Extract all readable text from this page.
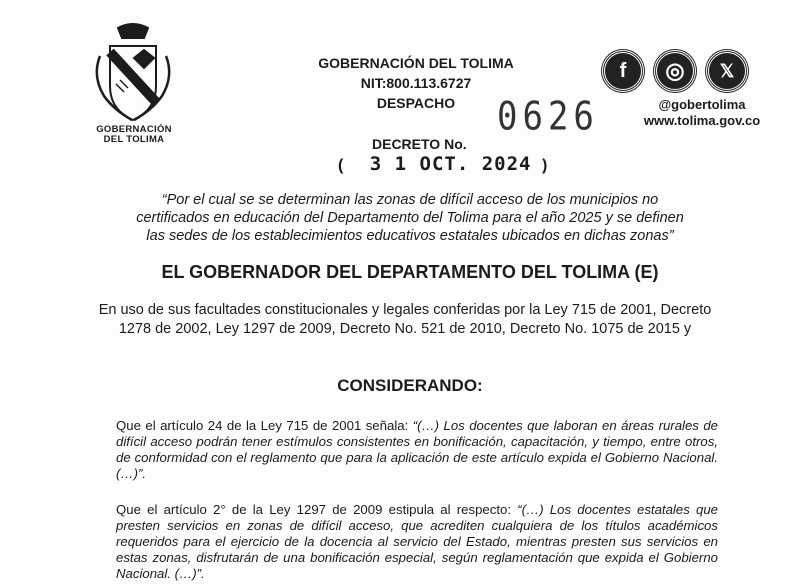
GOBERNACIÓN
DEL TOLIMA
GOBERNACIÓN DEL TOLIMA
NIT:800.113.6727
DESPACHO
DECRETO No.
0626
( 3 1 OCT. 2024 )
f	◎	𝕏
@gobertolima
www.tolima.gov.co
“Por el cual se se determinan las zonas de difícil acceso de los municipios no certificados en educación del Departamento del Tolima para el año 2025 y se definen las sedes de los establecimientos educativos estatales ubicados en dichas zonas”
EL GOBERNADOR DEL DEPARTAMENTO DEL TOLIMA (E)
En uso de sus facultades constitucionales y legales conferidas por la Ley 715 de 2001, Decreto 1278 de 2002, Ley 1297 de 2009, Decreto No. 521 de 2010, Decreto No. 1075 de 2015 y
CONSIDERANDO:
Que el artículo 24 de la Ley 715 de 2001 señala: “(…) Los docentes que laboran en áreas rurales de difícil acceso podrán tener estímulos consistentes en bonificación, capacitación, y tiempo, entre otros, de conformidad con el reglamento que para la aplicación de este artículo expida el Gobierno Nacional. (…)”.
Que el artículo 2° de la Ley 1297 de 2009 estipula al respecto: “(…) Los docentes estatales que presten servicios en zonas de difícil acceso, que acrediten cualquiera de los títulos académicos requeridos para el ejercicio de la docencia al servicio del Estado, mientras presten sus servicios en estas zonas, disfrutarán de una bonificación especial, según reglamentación que expida el Gobierno Nacional. (…)”.
